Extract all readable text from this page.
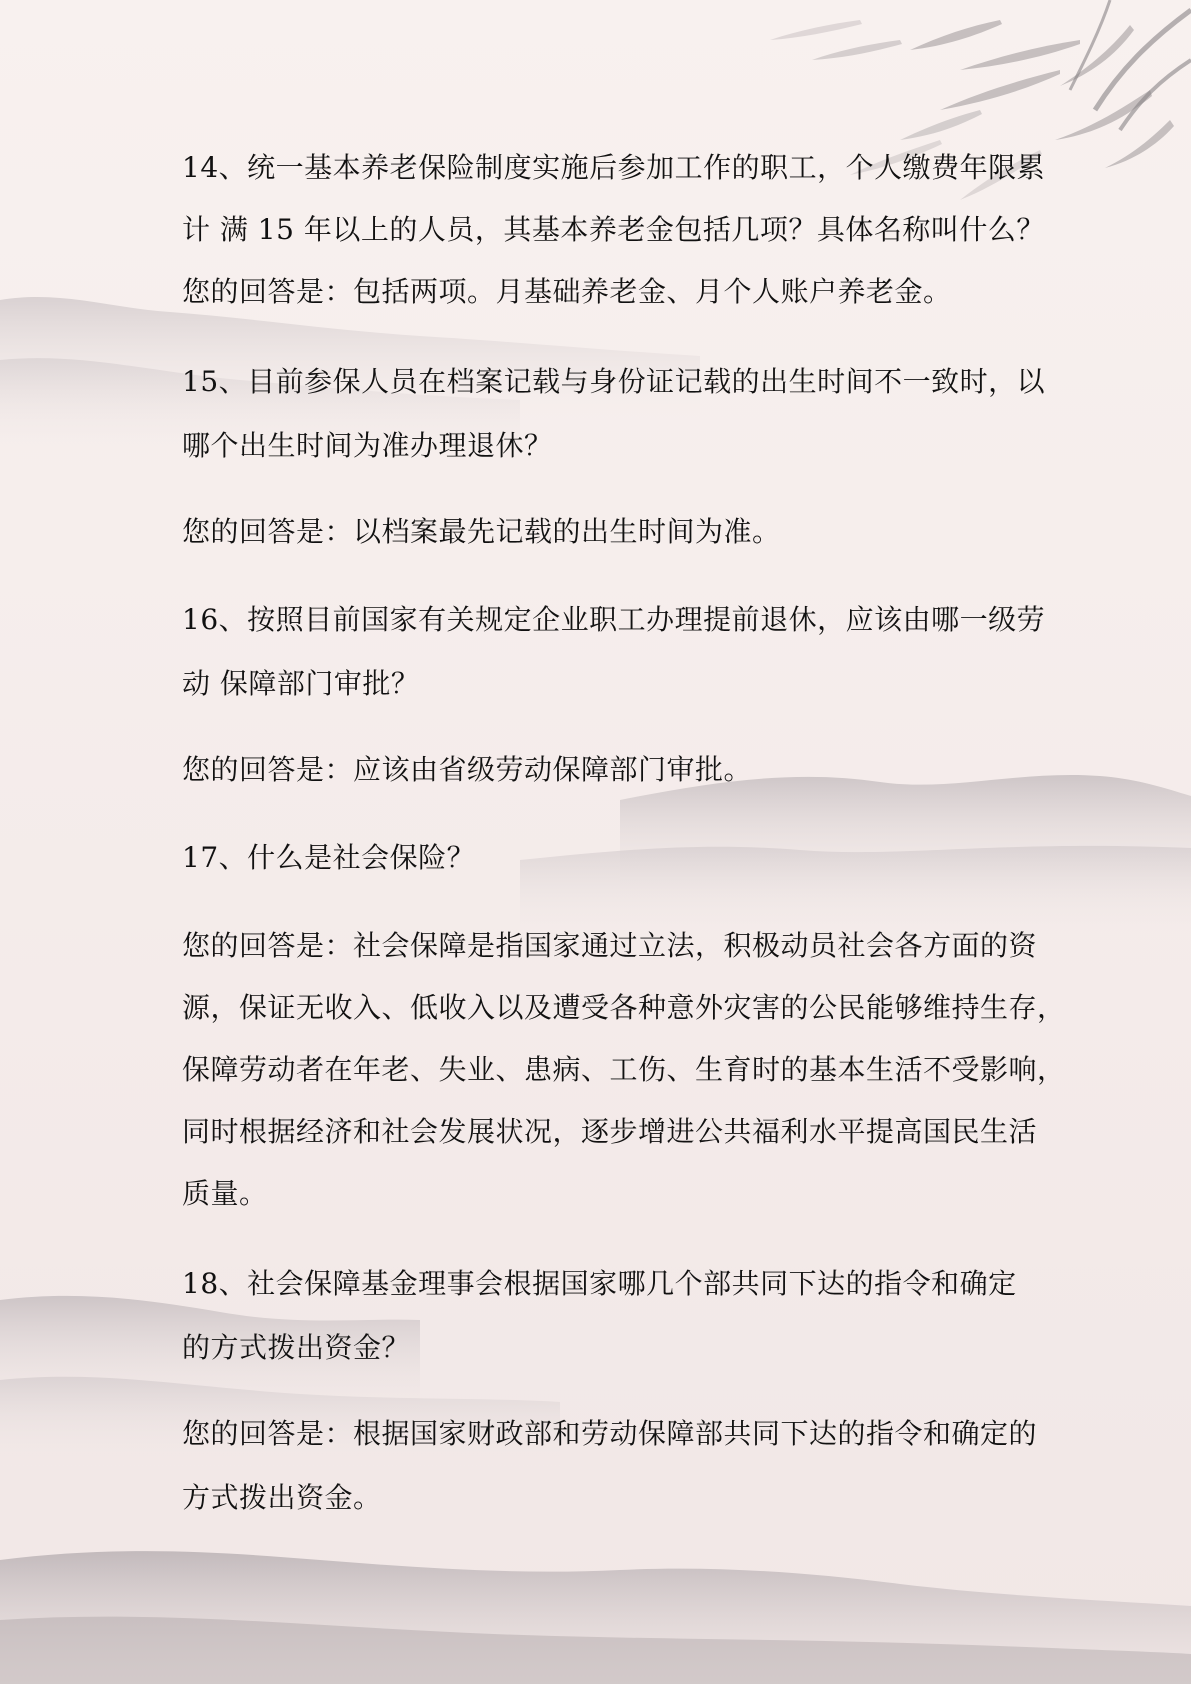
14、统一基本养老保险制度实施后参加工作的职工，个人缴费年限累
计 满 15 年以上的人员，其基本养老金包括几项？具体名称叫什么？
您的回答是：包括两项。月基础养老金、月个人账户养老金。
15、目前参保人员在档案记载与身份证记载的出生时间不一致时，以
哪个出生时间为准办理退休？
您的回答是：以档案最先记载的出生时间为准。
16、按照目前国家有关规定企业职工办理提前退休，应该由哪一级劳
动 保障部门审批？
您的回答是：应该由省级劳动保障部门审批。
17、什么是社会保险？
您的回答是：社会保障是指国家通过立法，积极动员社会各方面的资
源，保证无收入、低收入以及遭受各种意外灾害的公民能够维持生存，
保障劳动者在年老、失业、患病、工伤、生育时的基本生活不受影响，
同时根据经济和社会发展状况，逐步增进公共福利水平提高国民生活
质量。
18、社会保障基金理事会根据国家哪几个部共同下达的指令和确定
的方式拨出资金？
您的回答是：根据国家财政部和劳动保障部共同下达的指令和确定的
方式拨出资金。
